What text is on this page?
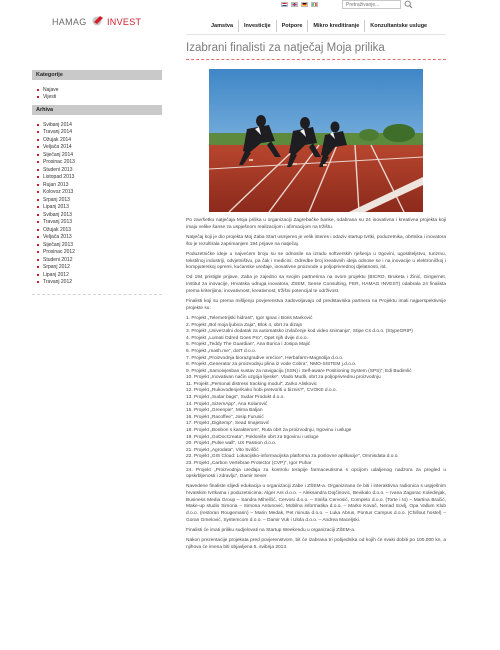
HAMAG INVEST
Pretraživanje...	Jamstva	Investicije	Potpore	Mikro kreditiranje	Konzultantske usluge
Kategorije
Najave
Vijesti
Arhiva
Svibanj 2014
Travanj 2014
Ožujak 2014
Veljača 2014
Siječanj 2014
Prosinac 2013
Studeni 2013
Listopad 2013
Rujan 2013
Kolovoz 2013
Srpanj 2013
Lipanj 2013
Svibanj 2013
Travanj 2013
Ožujak 2013
Veljača 2013
Siječanj 2013
Prosinac 2012
Studeni 2012
Srpanj 2012
Lipanj 2012
Travanj 2012
Izabrani finalisti za natječaj Moja prilika

Po završetku natječaja Moja prilika u organizaciji Zagrebačke banke, odabrana su 24 inovativna i kreativna projekta koji imaju velike šanse za uspješnom realizacijom i afirmacijom na tržištu.

Natječaj koji je dio projekta Moj Zaba Start usmjeren je velik interes i odaziv startup tvrtki, poduzetnika, obrtnika i inovatora što je rezultirala zaprimanjem 194 prijave na natječaj.

Poduzetničke ideje u najvećem broju su se odnosile na izradu softverskih rješenja u trgovini, ugostiteljstvu, turizmu, tekstilnoj industriji, odvjetništvu, pa čak i medicini. Odredbe broj kreativnih ideja odnose se i na inovacije u elektroničkoj i kompjuterskoj opremi, kućanske uređaje, inovativne proizvode u poljoprivrednoj djelatnosti, itd.

Od 194 pristigle prijave, Zaba je zajedno sa svojim partnerima na ovom projektu (BICRO, Bruketa i Žinić, Gingernet, Institut za inovacije, Hrvatska udruga inovatora, ZSEM, Sense Consulting, FER, HAMAG INVEST) odabrala 24 finalista prema kriterijima: inovativnost, kreativnost, tržišni potencijal te održivost.

Finalisti koji su prema mišljenju povjerenstva zadovoljavaju od predstavnika partnera na Projektu imali najperspektivnije projekte su:

1. Projekt „Telemetrijski hidrant“, Igor Ignac i Boris Marković
2. Projekt „Bol moja ljubica Zaja“, Blok 4, obrt za dizajn
3. Projekt „Univerzalni dodatak za automatsko izvlačenje kod video snimanja“, Stipe Cs d.o.o. (StypeGRIP)
4. Projekt „Lumati Odred Goes Pro“, Opet njih dvije d.o.o.
5. Projekt „Teddy The Guardian“, Ana Burica i Josipa Majić
6. Projekt „mash.me“, dotT d.o.o.
7. Projekt „Proizvodnja biorazgradive vrećice“, Herbafarm-Magnolija d.o.o.
8. Projekt „Generator za proizvodnju plina iz vode Cobra“, NMO-SISTEM j.d.o.o.
9. Projekt „Samoivjesban sustav za navigaciju (SSN) i Self-aware Positioning System (SPS)“, Edi Budimlić
10. Projekt „Inovativan način uzgoja lijeske“, Vlado Mudli, obrt za poljoprivrednu proizvodnju
11. Projekt „Personal distress tracking modul“, Zarko Aliskovic
12. Projekt „Rukovođenje/Kako hobi pretvoriti u biznis?“, CVOKE d.o.o.
13. Projekt „Sudar bags“, Sudar Produkt d.o.o.
14. Projekt „SizemApp“, Ana Kolarović
15. Projekt „Greenpie“, Mirna Baljan
16. Projekt „Racoffee“, Josip Furunić
17. Projekt „Digitemp“, Sead Imajetović
18. Projekt „Bonbon s karakterom“, Ruta obrt za proizvodnju, trgovinu i usluge
19. Projekt „GoDocCreata“, Pokloniše obrt za trgovinu i usluge
20. Projekt „Pulse wall“, UX Passion d.o.o.
21. Projekt „Agrodata“, Vito Svilčić
22. Projekt „GIS Cloud: Lokacijsko-informacijska platforma za poslovne aplikacije“, Omnisdata d.o.o.
23. Projekt „Carbon Vertebrae Protector (CVP)“, Igor Puhar
24. Projekt „Proizvodnja uređaja za kontrolu terapije farmaceutisma s opcijom udaljenog nadzora za pregled u opskrbljenosti i zdravlju“, Damir Sever

Navedene finaliste slijedi edukacija u organizaciji Zabe i ZŠEM-a. Organizirana će biti i interaktivna radionica s uspješnim hrvatskim tvrtkama i poduzetnicima: Alger Ars d.o.o. – Aleksandra Dojčinovic, Bevikalo d.o.o. – Ivana Zagorac Koledinjak, Business Media Group – Sandra Mihelčić, Cervosi d.o.o. – Siniša Cervosić, Competo d.o.o. (Torte i to) – Martina Bračić, Make-up studio Simona – Simona Antunović, Mobilna informatika d.o.o. – Marko Kovač, Nenad Sovlj, Opa Vallum Klub d.o.o. (restoran Rougemarin) – Marin Medak, Pet minuta d.o.o. – Luka Abrus, Pontus Campus d.o.o. (Chillout hostel) – Goran Gmelović, Systemcom d.o.o. – Damir Vuk i Ulola d.o.o. – Andrea Maceljski.

Finalisti će imati priliku sudjelovati na Startup Weekendu u organizaciji ZŠEM-a.

Nakon prezentacije projekata pred povjerenstvom, bit će izabrana tri pobjednika od kojih će svaki dobiti po 100.000 kn, a njihova će imena biti objavljena 5. svibnja 2013.
